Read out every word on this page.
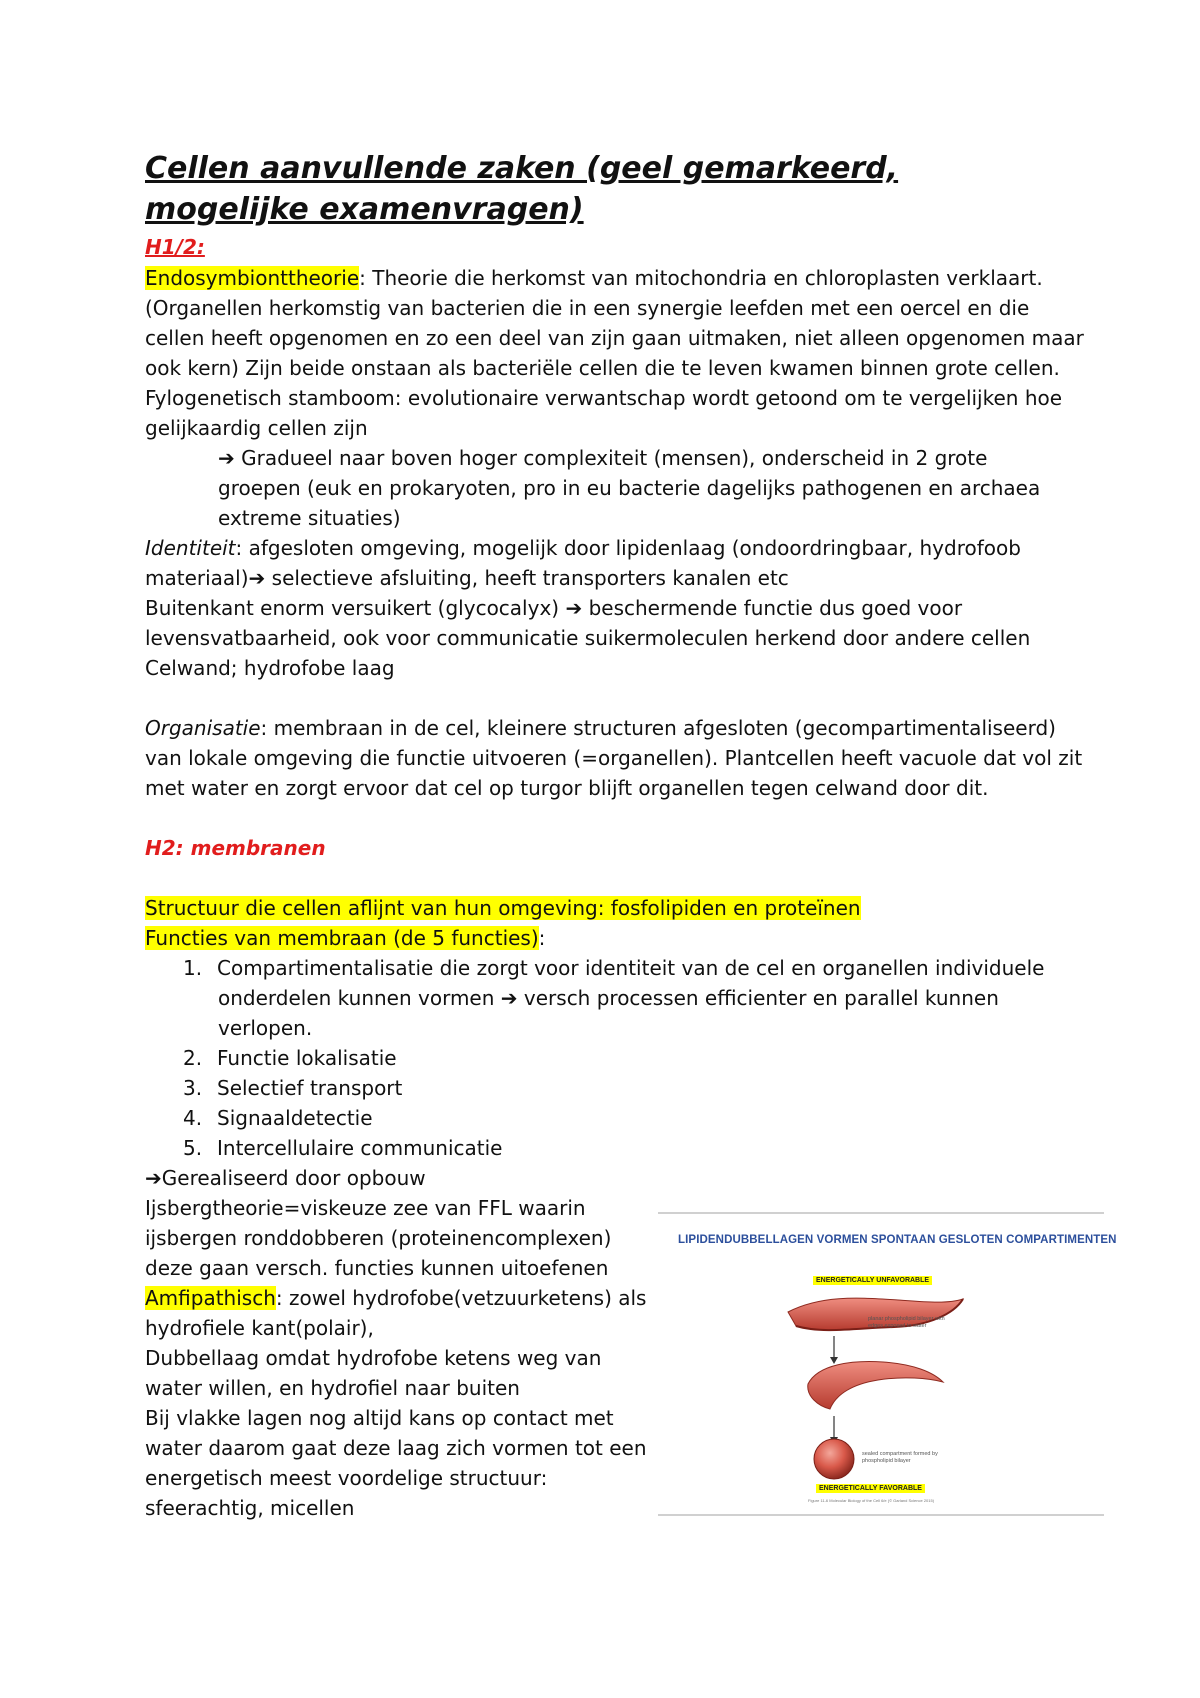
Cellen aanvullende zaken (geel gemarkeerd, mogelijke examenvragen)
H1/2:
Endosymbionttheorie: Theorie die herkomst van mitochondria en chloroplasten verklaart.
(Organellen herkomstig van bacterien die in een synergie leefden met een oercel en die
cellen heeft opgenomen en zo een deel van zijn gaan uitmaken, niet alleen opgenomen maar
ook kern) Zijn beide onstaan als bacteriële cellen die te leven kwamen binnen grote cellen.
Fylogenetisch stamboom: evolutionaire verwantschap wordt getoond om te vergelijken hoe
gelijkaardig cellen zijn
➔ Gradueel naar boven hoger complexiteit (mensen), onderscheid in 2 grote
groepen (euk en prokaryoten, pro in eu bacterie dagelijks pathogenen en archaea
extreme situaties)
Identiteit: afgesloten omgeving, mogelijk door lipidenlaag (ondoordringbaar, hydrofoob
materiaal)➔ selectieve afsluiting, heeft transporters kanalen etc
Buitenkant enorm versuikert (glycocalyx) ➔ beschermende functie dus goed voor
levensvatbaarheid, ook voor communicatie suikermoleculen herkend door andere cellen
Celwand; hydrofobe laag
Organisatie: membraan in de cel, kleinere structuren afgesloten (gecompartimentaliseerd)
van lokale omgeving die functie uitvoeren (=organellen). Plantcellen heeft vacuole dat vol zit
met water en zorgt ervoor dat cel op turgor blijft organellen tegen celwand door dit.
H2: membranen
Structuur die cellen aflijnt van hun omgeving: fosfolipiden en proteïnen
Functies van membraan (de 5 functies):
1. Compartimentalisatie die zorgt voor identiteit van de cel en organellen individuele
onderdelen kunnen vormen ➔ versch processen efficienter en parallel kunnen
verlopen.
2. Functie lokalisatie
3. Selectief transport
4. Signaaldetectie
5. Intercellulaire communicatie
➔Gerealiseerd door opbouw
Ijsbergtheorie=viskeuze zee van FFL waarin
ijsbergen ronddobberen (proteinencomplexen)
deze gaan versch. functies kunnen uitoefenen
Amfipathisch: zowel hydrofobe(vetzuurketens) als
hydrofiele kant(polair),
Dubbellaag omdat hydrofobe ketens weg van
water willen, en hydrofiel naar buiten
Bij vlakke lagen nog altijd kans op contact met
water daarom gaat deze laag zich vormen tot een
energetisch meest voordelige structuur:
sfeerachtig, micellen
LIPIDENDUBBELLAGEN VORMEN SPONTAAN GESLOTEN COMPARTIMENTEN
ENERGETICALLY UNFAVORABLE
planar phospholipid bilayer with edges exposed to water
sealed compartment formed by phospholipid bilayer
ENERGETICALLY FAVORABLE
Figure 11-6 Molecular Biology of the Cell 6/e (© Garland Science 2015)
